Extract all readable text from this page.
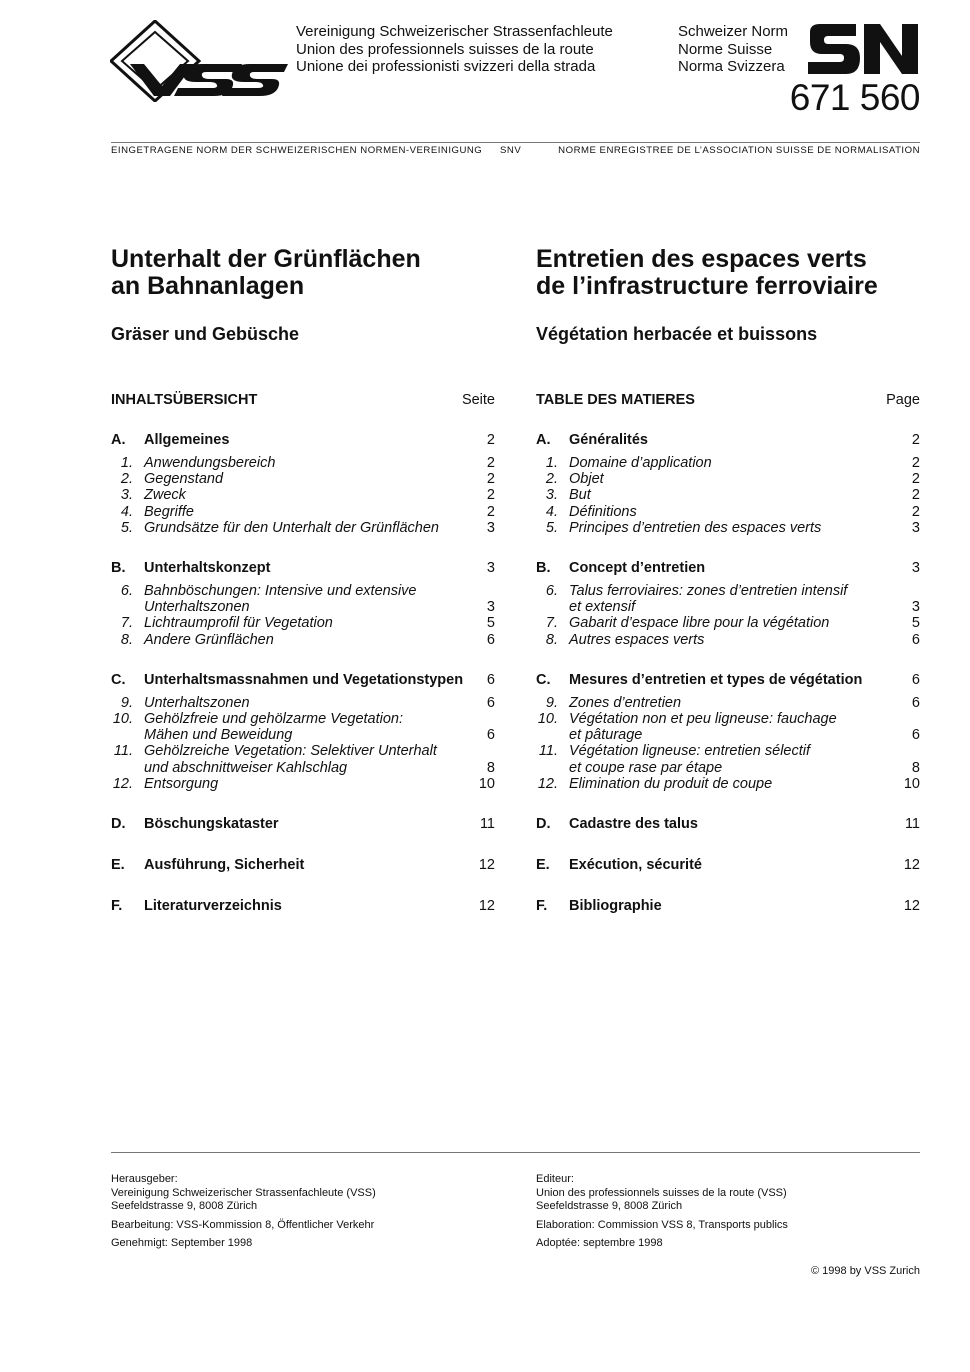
Vereinigung Schweizerischer Strassenfachleute
Union des professionnels suisses de la route
Unione dei professionisti svizzeri della strada
Schweizer Norm
Norme Suisse
Norma Svizzera
671 560
EINGETRAGENE NORM DER SCHWEIZERISCHEN NORMEN-VEREINIGUNG SNV	NORME ENREGISTREE DE L’ASSOCIATION SUISSE DE NORMALISATION
Unterhalt der Grünflächen
an Bahnanlagen
Gräser und Gebüsche
INHALTSÜBERSICHT	Seite
A.	Allgemeines	2
1. Anwendungsbereich	2
2. Gegenstand	2
3. Zweck	2
4. Begriffe	2
5. Grundsätze für den Unterhalt der Grünflächen	3
B.	Unterhaltskonzept	3
6. Bahnböschungen: Intensive und extensive
Unterhaltszonen	3
7. Lichtraumprofil für Vegetation	5
8. Andere Grünflächen	6
C.	Unterhaltsmassnahmen und Vegetationstypen	6
9. Unterhaltszonen	6
10. Gehölzfreie und gehölzarme Vegetation:
Mähen und Beweidung	6
11. Gehölzreiche Vegetation: Selektiver Unterhalt
und abschnittweiser Kahlschlag	8
12. Entsorgung	10
D.	Böschungskataster	11
E.	Ausführung, Sicherheit	12
F.	Literaturverzeichnis	12
Entretien des espaces verts
de l’infrastructure ferroviaire
Végétation herbacée et buissons
TABLE DES MATIERES	Page
A.	Généralités	2
1. Domaine d’application	2
2. Objet	2
3. But	2
4. Définitions	2
5. Principes d’entretien des espaces verts	3
B.	Concept d’entretien	3
6. Talus ferroviaires: zones d’entretien intensif
et extensif	3
7. Gabarit d’espace libre pour la végétation	5
8. Autres espaces verts	6
C.	Mesures d’entretien et types de végétation	6
9. Zones d’entretien	6
10. Végétation non et peu ligneuse: fauchage
et pâturage	6
11. Végétation ligneuse: entretien sélectif
et coupe rase par étape	8
12. Elimination du produit de coupe	10
D.	Cadastre des talus	11
E.	Exécution, sécurité	12
F.	Bibliographie	12

Herausgeber:
Vereinigung Schweizerischer Strassenfachleute (VSS)
Seefeldstrasse 9, 8008 Zürich

Bearbeitung: VSS-Kommission 8, Öffentlicher Verkehr

Genehmigt: September 1998

Editeur:
Union des professionnels suisses de la route (VSS)
Seefeldstrasse 9, 8008 Zürich

Elaboration: Commission VSS 8, Transports publics

Adoptée: septembre 1998

© 1998 by VSS Zurich
